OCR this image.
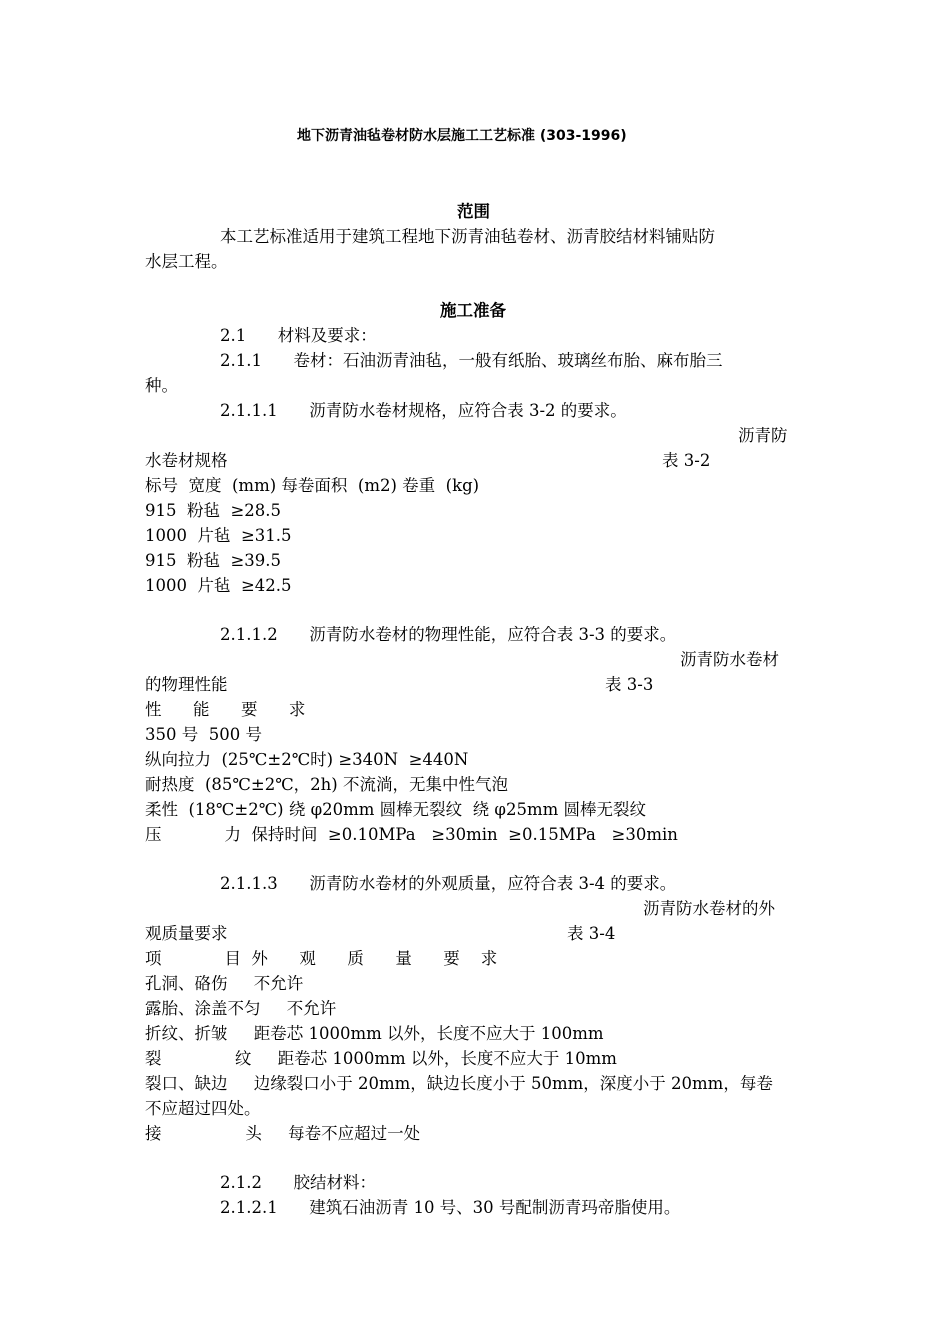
地下沥青油毡卷材防水层施工工艺标准 (303-1996)
范围
本工艺标准适用于建筑工程地下沥青油毡卷材、沥青胶结材料铺贴防
水层工程。
施工准备
2.1      材料及要求：
2.1.1      卷材：石油沥青油毡，一般有纸胎、玻璃丝布胎、麻布胎三
种。
2.1.1.1      沥青防水卷材规格，应符合表 3-2 的要求。
沥青防
水卷材规格	表 3-2
标号  宽度  (mm) 每卷面积  (m2) 卷重  (kg)
915  粉毡  ≥28.5
1000  片毡  ≥31.5
915  粉毡  ≥39.5
1000  片毡  ≥42.5
2.1.1.2      沥青防水卷材的物理性能，应符合表 3-3 的要求。
沥青防水卷材
的物理性能	表 3-3
性      能      要      求
350 号  500 号
纵向拉力  (25℃±2℃时) ≥340N  ≥440N
耐热度  (85℃±2℃，2h) 不流淌，无集中性气泡
柔性  (18℃±2℃) 绕 φ20mm 圆棒无裂纹  绕 φ25mm 圆棒无裂纹
压            力  保持时间  ≥0.10MPa   ≥30min  ≥0.15MPa   ≥30min
2.1.1.3      沥青防水卷材的外观质量，应符合表 3-4 的要求。
沥青防水卷材的外
观质量要求	表 3-4
项            目  外      观      质      量      要    求
孔洞、硌伤     不允许
露胎、涂盖不匀     不允许
折纹、折皱     距卷芯 1000mm 以外，长度不应大于 100mm
裂              纹     距卷芯 1000mm 以外，长度不应大于 10mm
裂口、缺边     边缘裂口小于 20mm，缺边长度小于 50mm，深度小于 20mm，每卷
不应超过四处。
接                头     每卷不应超过一处
2.1.2      胶结材料：
2.1.2.1      建筑石油沥青 10 号、30 号配制沥青玛帝脂使用。
